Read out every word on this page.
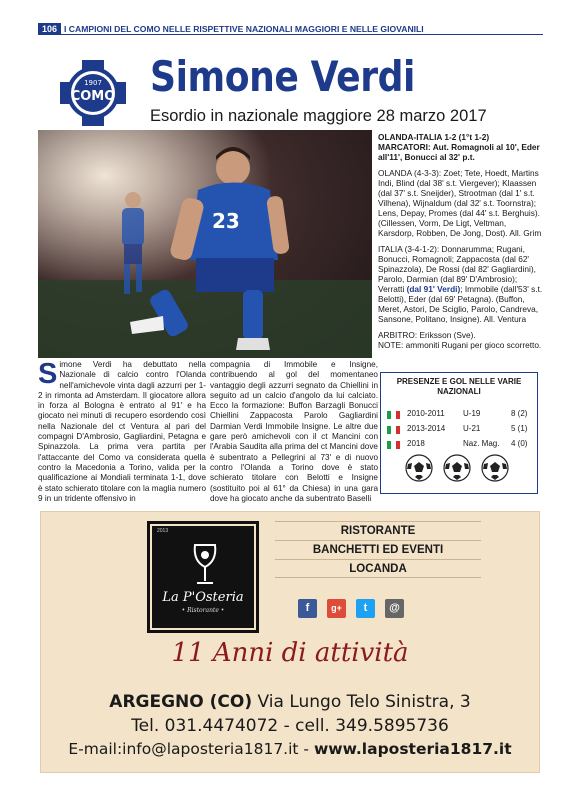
106 I CAMPIONI DEL COMO NELLE RISPETTIVE NAZIONALI MAGGIORI E NELLE GIOVANILI
1907
COMO Simone Verdi
Esordio in nazionale maggiore 28 marzo 2017
23

OLANDA-ITALIA 1-2 (1°t 1-2)
MARCATORI: Aut. Romagnoli al 10', Eder all'11', Bonucci al 32' p.t.

OLANDA (4-3-3): Zoet; Tete, Hoedt, Martins Indi, Blind (dal 38' s.t. Viergever); Klaassen (dal 37' s.t. Sneijder), Strootman (dal 1' s.t. Vilhena), Wijnaldum (dal 32' s.t. Toornstra); Lens, Depay, Promes (dal 44' s.t. Berghuis). (Cillessen, Vorm, De Ligt, Veltman, Karsdorp, Robben, De Jong, Dost). All. Grim

ITALIA (3-4-1-2): Donnarumma; Rugani, Bonucci, Romagnoli; Zappacosta (dal 62' Spinazzola), De Rossi (dal 82' Gagliardini), Parolo, Darmian (dal 89' D'Ambrosio); Verratti (dal 91' Verdi); Immobile (dall'53' s.t. Belotti), Eder (dal 69' Petagna). (Buffon, Meret, Astori, De Sciglio, Parolo, Candreva, Sansone, Politano, Insigne). All. Ventura

ARBITRO: Eriksson (Sve).
NOTE: ammoniti Rugani per gioco scorretto.

Simone Verdi ha debuttato nella Nazionale di calcio contro l'Olanda nell'amichevole vinta dagli azzurri per 1-2 in rimonta ad Amsterdam. Il giocatore allora in forza al Bologna è entrato al 91' e ha giocato nei minuti di recupero esordendo così nella Nazionale del ct Ventura al pari del compagni D'Ambrosio, Gagliardini, Petagna e Spinazzola. La prima vera partita per l'attaccante del Como va considerata quella contro la Macedonia a Torino, valida per la qualificazione ai Mondiali terminata 1-1, dove è stato schierato titolare con la maglia numero 9 in un tridente offensivo in
compagnia di Immobile e Insigne, contribuendo al gol del momentaneo vantaggio degli azzurri segnato da Chiellini in seguito ad un calcio d'angolo da lui calciato. Ecco la formazione: Buffon Barzagli Bonucci Chiellini Zappacosta Parolo Gagliardini Darmian Verdi Immobile Insigne. Le altre due gare però amichevoli con il ct Mancini con l'Arabia Saudita alla prima del ct Mancini dove è subentrato a Pellegrini al 73' e di nuovo contro l'Olanda a Torino dove è stato schierato titolare con Belotti e Insigne (sostituito poi al 61° da Chiesa) in una gara dove ha giocato anche da subentrato Baselli
PRESENZE E GOL NELLE VARIE
NAZIONALI
2010-2011 U-19	8 (2)
2013-2014 U-21	5 (1)
2018	Naz. Mag. 4 (0)
2013
La P'Osteria
• Ristorante •
RISTORANTE
BANCHETTI ED EVENTI
LOCANDA
f	g+	t	@
11 Anni di attività
ARGEGNO (CO) Via Lungo Telo Sinistra, 3
Tel. 031.4474072 - cell. 349.5895736
E-mail:info@laposteria1817.it - www.laposteria1817.it
